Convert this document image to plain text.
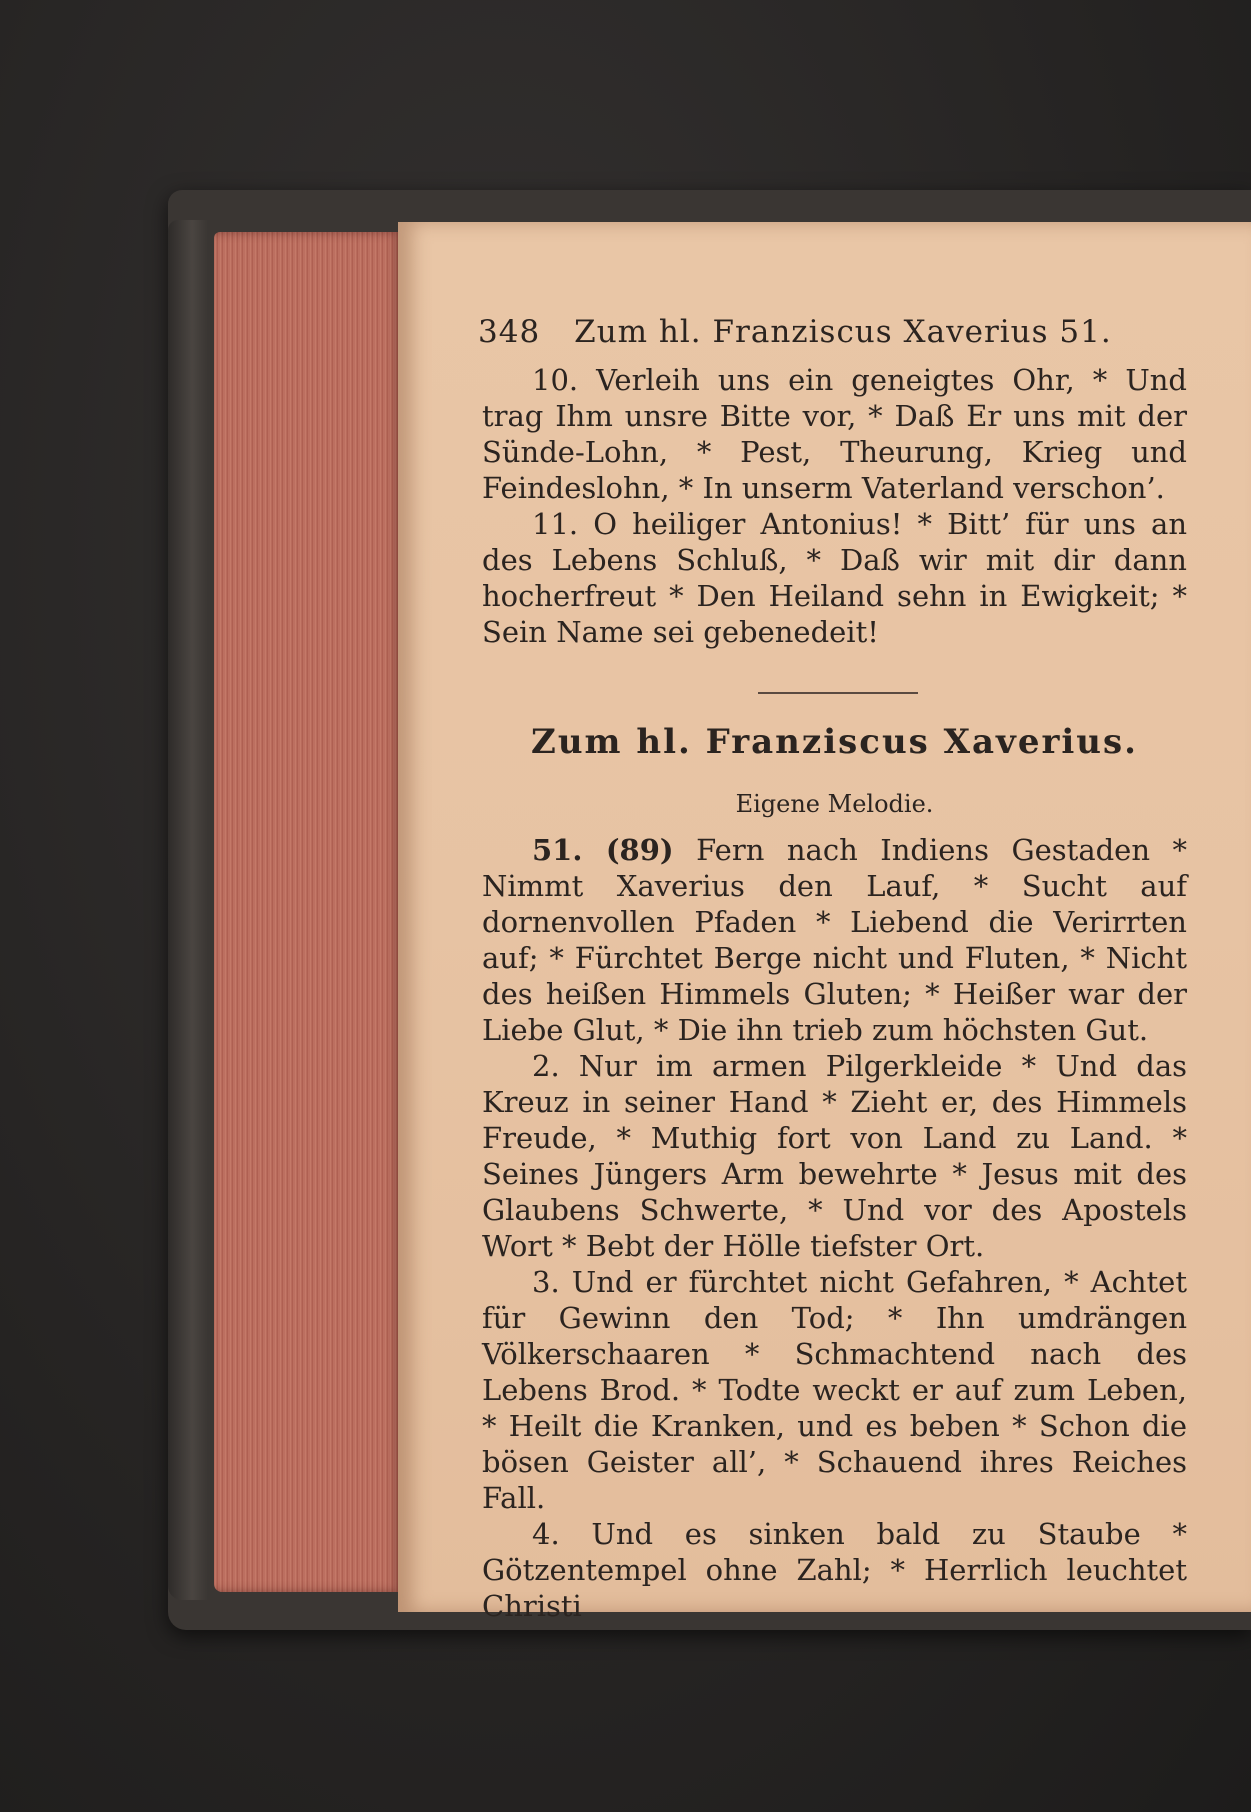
348 Zum hl. Franziscus Xaverius 51.

10. Verleih uns ein geneigtes Ohr, * Und trag Ihm unsre Bitte vor, * Daß Er uns mit der Sünde-Lohn, * Pest, Theurung, Krieg und Feindeslohn, * In unserm Vaterland verschon’.

11. O heiliger Antonius! * Bitt’ für uns an des Lebens Schluß, * Daß wir mit dir dann hocherfreut * Den Heiland sehn in Ewigkeit; * Sein Name sei gebenedeit!

Zum hl. Franziscus Xaverius.
Eigene Melodie.

51. (89) Fern nach Indiens Gestaden * Nimmt Xaverius den Lauf, * Sucht auf dornenvollen Pfaden * Liebend die Verirrten auf; * Fürchtet Berge nicht und Fluten, * Nicht des heißen Himmels Gluten; * Heißer war der Liebe Glut, * Die ihn trieb zum höchsten Gut.

2. Nur im armen Pilgerkleide * Und das Kreuz in seiner Hand * Zieht er, des Himmels Freude, * Muthig fort von Land zu Land. * Seines Jüngers Arm bewehrte * Jesus mit des Glaubens Schwerte, * Und vor des Apostels Wort * Bebt der Hölle tiefster Ort.

3. Und er fürchtet nicht Gefahren, * Achtet für Gewinn den Tod; * Ihn umdrängen Völkerschaaren * Schmachtend nach des Lebens Brod. * Todte weckt er auf zum Leben, * Heilt die Kranken, und es beben * Schon die bösen Geister all’, * Schauend ihres Reiches Fall.

4. Und es sinken bald zu Staube * Götzentempel ohne Zahl; * Herrlich leuchtet Christi
